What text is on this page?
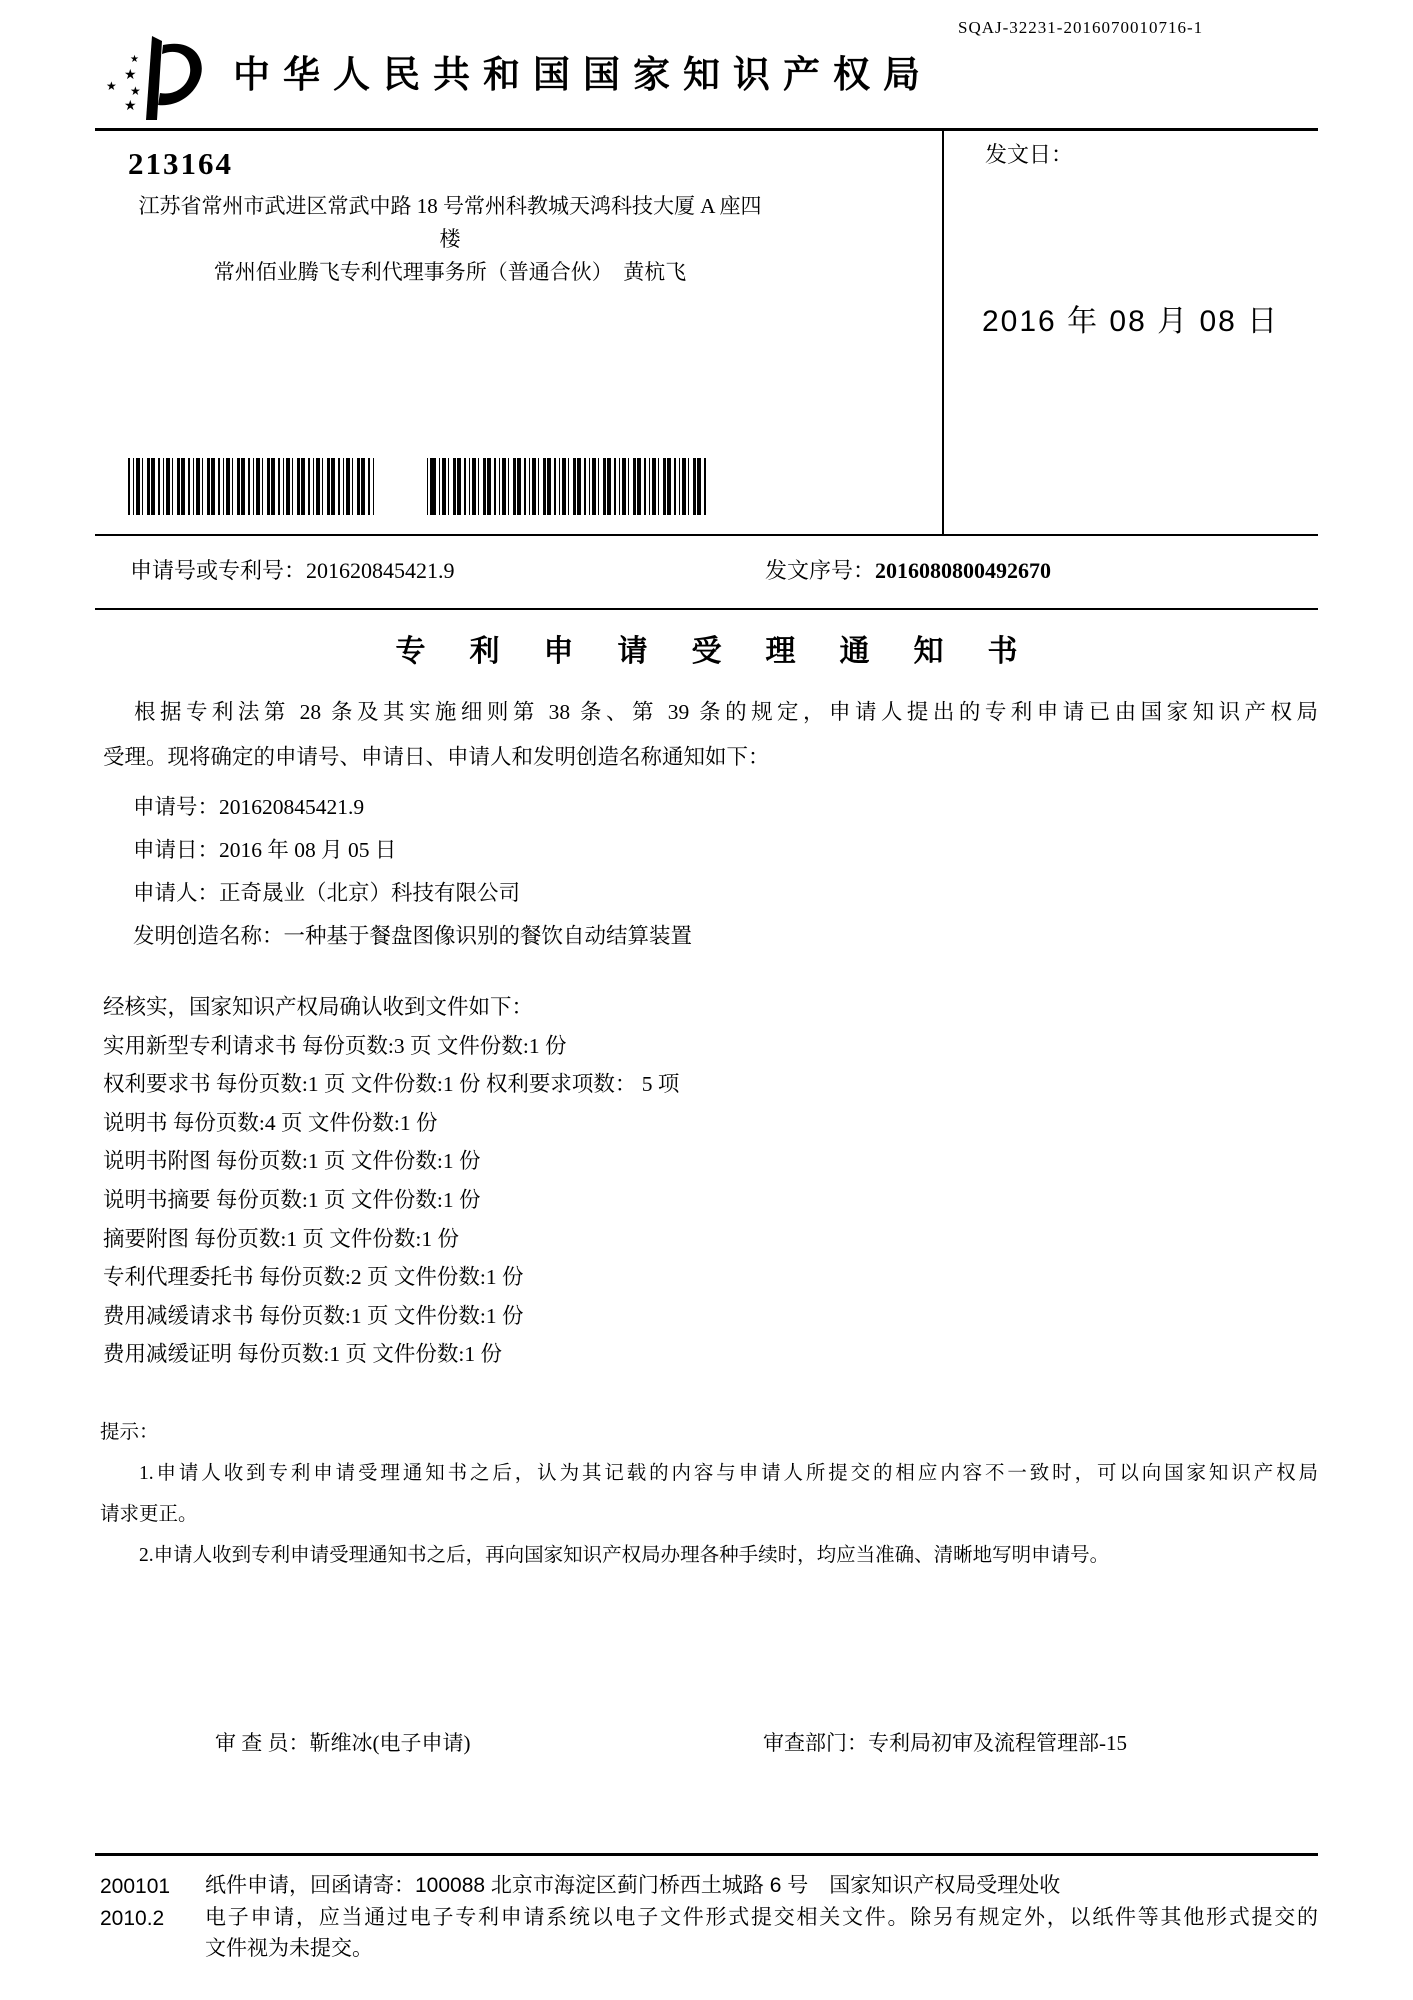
SQAJ-32231-2016070010716-1
★
★
★ ★
★
中华人民共和国国家知识产权局
213164
江苏省常州市武进区常武中路 18 号常州科教城天鸿科技大厦 A 座四
楼
常州佰业腾飞专利代理事务所（普通合伙）　黄杭飞
发文日：
2016 年 08 月 08 日
申请号或专利号：201620845421.9	发文序号：2016080800492670
专利申请受理通知书
根据专利法第 28 条及其实施细则第 38 条、第 39 条的规定，申请人提出的专利申请已由国家知识产权局
受理。现将确定的申请号、申请日、申请人和发明创造名称通知如下：
申请号：201620845421.9
申请日：2016 年 08 月 05 日
申请人：正奇晟业（北京）科技有限公司
发明创造名称：一种基于餐盘图像识别的餐饮自动结算装置
经核实，国家知识产权局确认收到文件如下：
实用新型专利请求书 每份页数:3 页 文件份数:1 份
权利要求书 每份页数:1 页 文件份数:1 份 权利要求项数： 5 项
说明书 每份页数:4 页 文件份数:1 份
说明书附图 每份页数:1 页 文件份数:1 份
说明书摘要 每份页数:1 页 文件份数:1 份
摘要附图 每份页数:1 页 文件份数:1 份
专利代理委托书 每份页数:2 页 文件份数:1 份
费用减缓请求书 每份页数:1 页 文件份数:1 份
费用减缓证明 每份页数:1 页 文件份数:1 份
提示：
1.申请人收到专利申请受理通知书之后，认为其记载的内容与申请人所提交的相应内容不一致时，可以向国家知识产权局
请求更正。
2.申请人收到专利申请受理通知书之后，再向国家知识产权局办理各种手续时，均应当准确、清晰地写明申请号。
审 查 员：靳维冰(电子申请)	审查部门：专利局初审及流程管理部-15
200101	纸件申请，回函请寄：100088 北京市海淀区蓟门桥西土城路 6 号　国家知识产权局受理处收
2010.2	电子申请，应当通过电子专利申请系统以电子文件形式提交相关文件。除另有规定外，以纸件等其他形式提交的
文件视为未提交。
